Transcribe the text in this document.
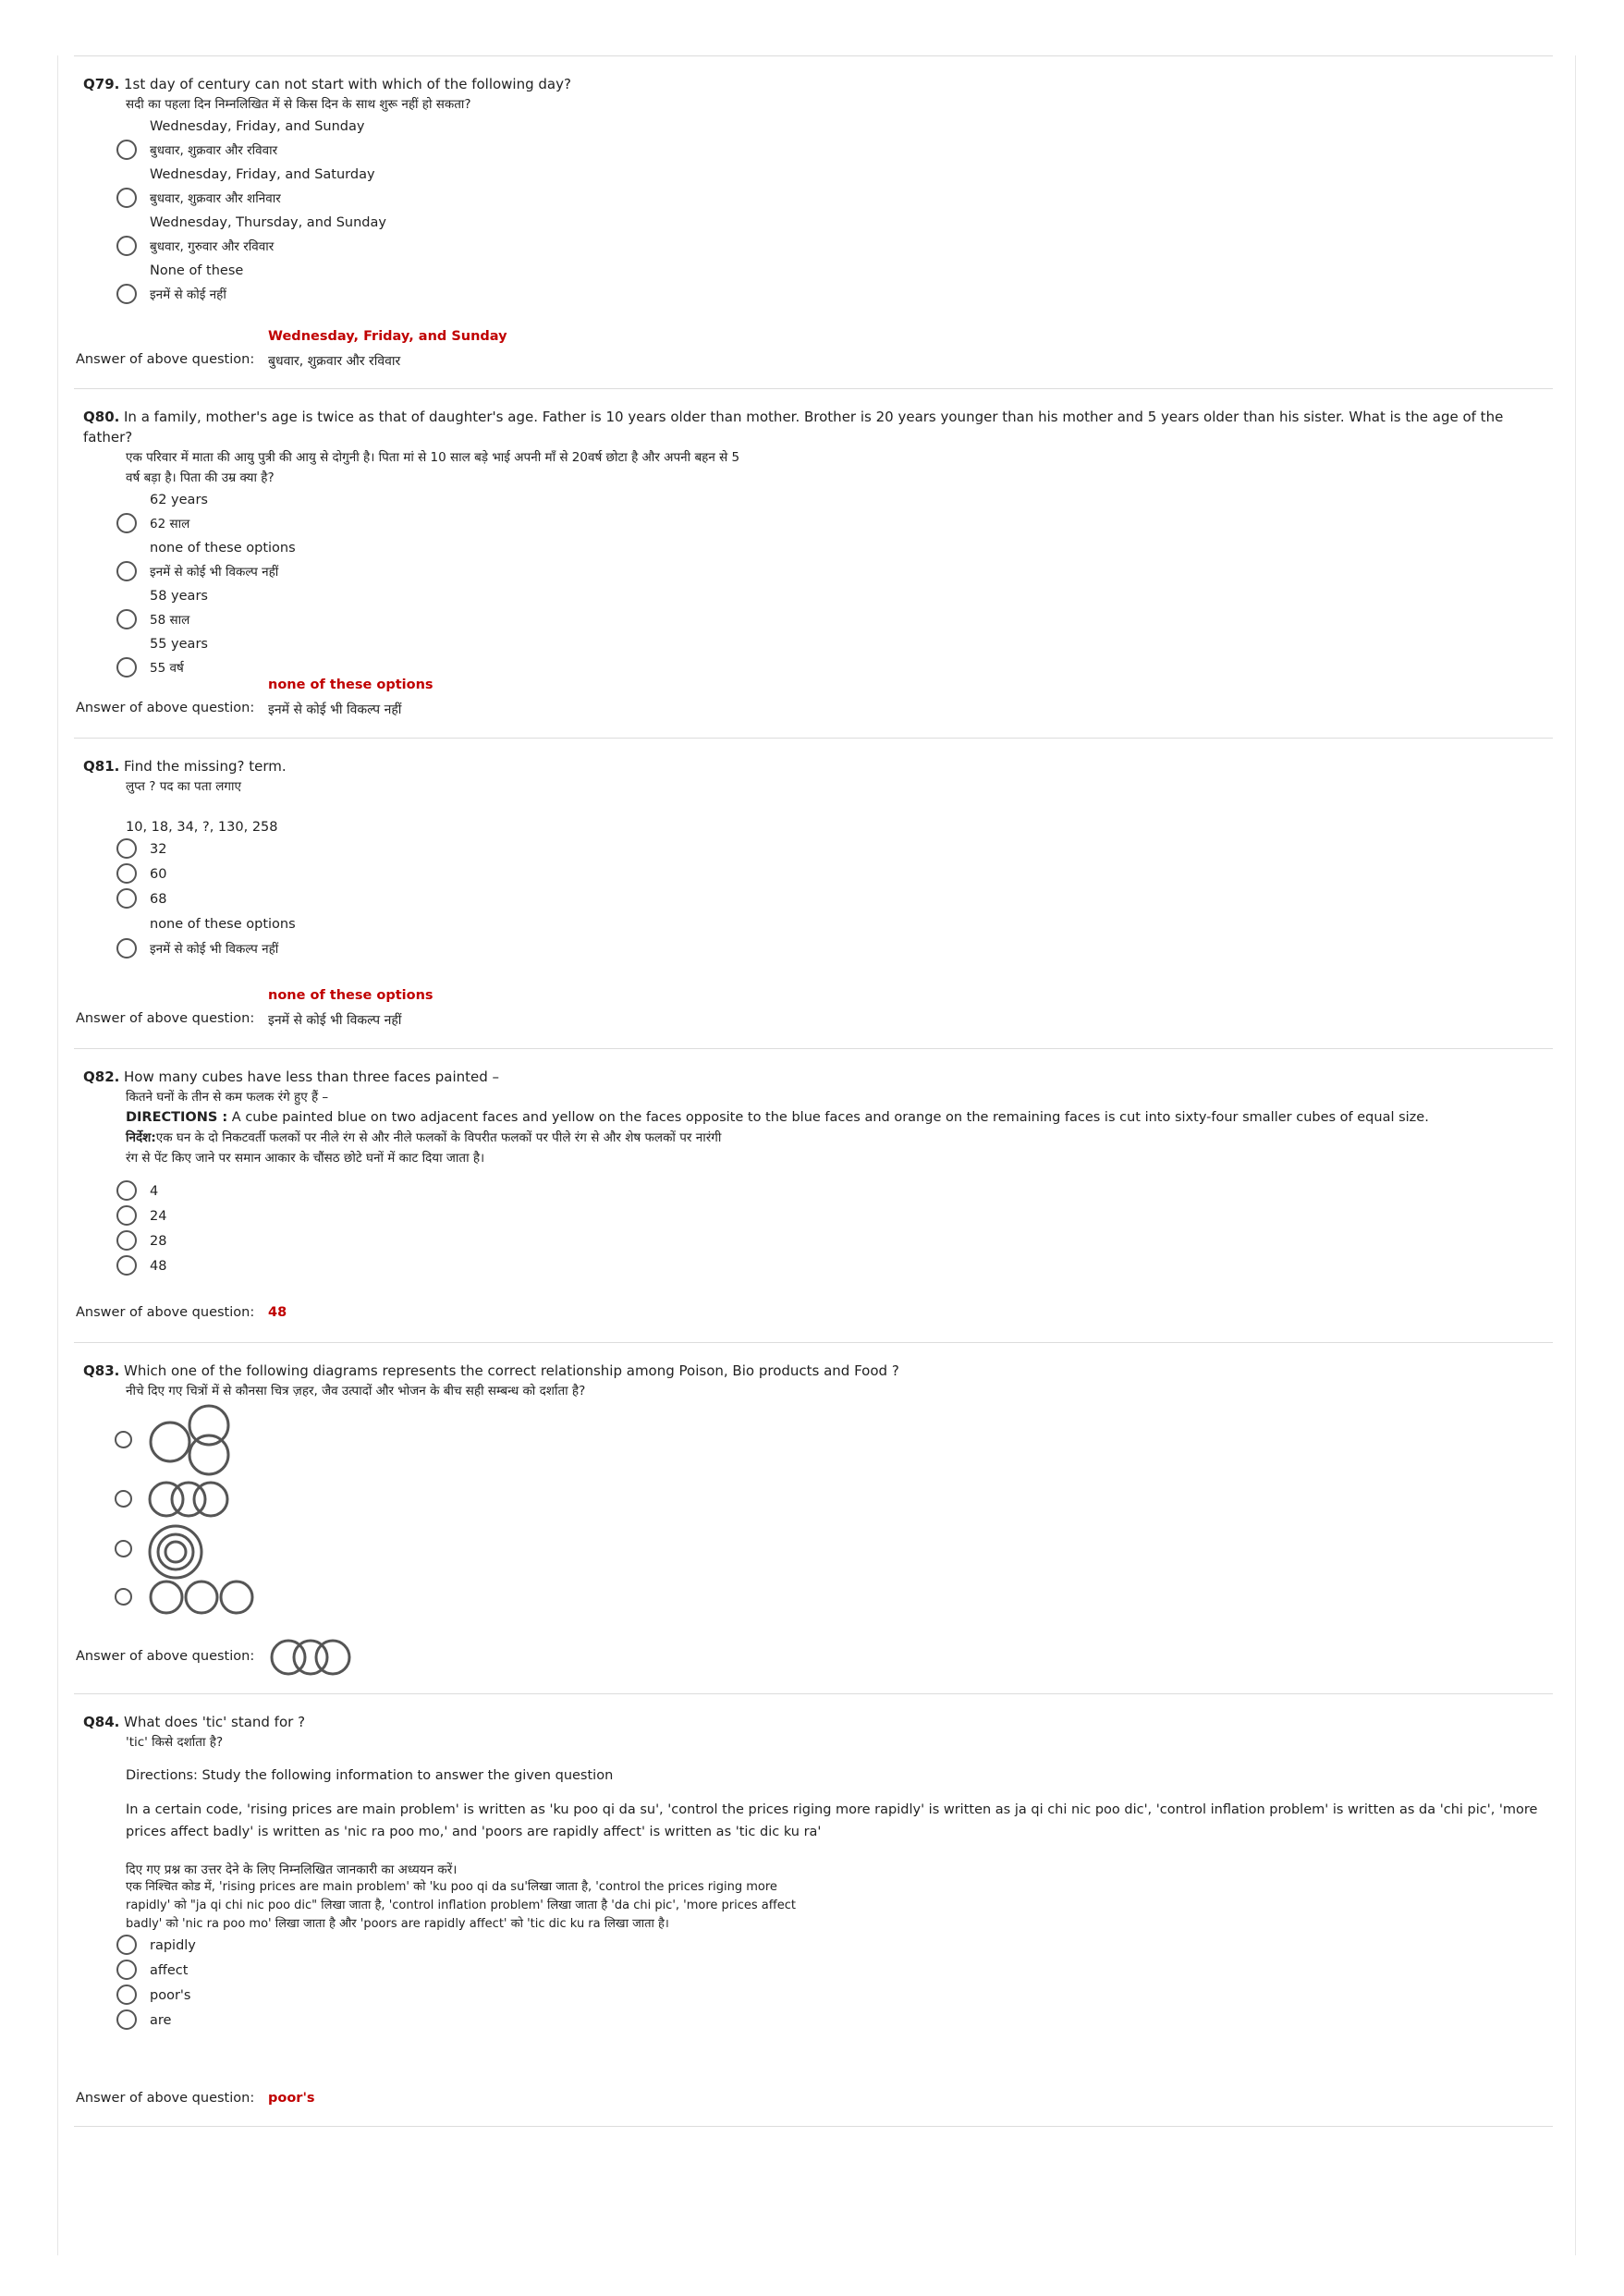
Q79. 1st day of century can not start with which of the following day?
सदी का पहला दिन निम्नलिखित में से किस दिन के साथ शुरू नहीं हो सकता?
Wednesday, Friday, and Sunday
बुधवार, शुक्रवार और रविवार
Wednesday, Friday, and Saturday
बुधवार, शुक्रवार और शनिवार
Wednesday, Thursday, and Sunday
बुधवार, गुरुवार और रविवार
None of these
इनमें से कोई नहीं
Wednesday, Friday, and Sunday
Answer of above question: बुधवार, शुक्रवार और रविवार
Q80. In a family, mother's age is twice as that of daughter's age. Father is 10 years older than mother. Brother is 20 years younger than his mother and 5 years older than his sister. What is the age of the father?
एक परिवार में माता की आयु पुत्री की आयु से दोगुनी है। पिता मां से 10 साल बड़े भाई अपनी माँ से 20वर्ष छोटा है और अपनी बहन से 5
वर्ष बड़ा है। पिता की उम्र क्या है?
62 years
62 साल
none of these options
इनमें से कोई भी विकल्प नहीं
58 years
58 साल
55 years
55 वर्ष
none of these options
Answer of above question: इनमें से कोई भी विकल्प नहीं
Q81. Find the missing? term.
लुप्त ? पद का पता लगाए
10, 18, 34, ?, 130, 258
32
60
68
none of these options
इनमें से कोई भी विकल्प नहीं
none of these options
Answer of above question: इनमें से कोई भी विकल्प नहीं
Q82. How many cubes have less than three faces painted –
कितने घनों के तीन से कम फलक रंगे हुए हैं –
DIRECTIONS : A cube painted blue on two adjacent faces and yellow on the faces opposite to the blue faces and orange on the remaining faces is cut into sixty-four smaller cubes of equal size.
निर्देश:एक घन के दो निकटवर्ती फलकों पर नीले रंग से और नीले फलकों के विपरीत फलकों पर पीले रंग से और शेष फलकों पर नारंगी
रंग से पेंट किए जाने पर समान आकार के चौंसठ छोटे घनों में काट दिया जाता है।
4
24
28
48
Answer of above question: 48
Q83. Which one of the following diagrams represents the correct relationship among Poison, Bio products and Food ?
नीचे दिए गए चित्रों में से कौनसा चित्र ज़हर, जैव उत्पादों और भोजन के बीच सही सम्बन्ध को दर्शाता है?
Answer of above question:
Q84. What does 'tic' stand for ?
'tic' किसे दर्शाता है?
Directions: Study the following information to answer the given question
In a certain code, 'rising prices are main problem' is written as 'ku poo qi da su', 'control the prices riging more rapidly' is written as ja qi chi nic poo dic', 'control inflation problem' is written as da 'chi pic', 'more prices affect badly' is written as 'nic ra poo mo,' and 'poors are rapidly affect' is written as 'tic dic ku ra'
दिए गए प्रश्न का उत्तर देने के लिए निम्नलिखित जानकारी का अध्ययन करें।
एक निश्चित कोड में, 'rising prices are main problem' को 'ku poo qi da su'लिखा जाता है, 'control the prices riging more
rapidly' को "ja qi chi nic poo dic" लिखा जाता है, 'control inflation problem' लिखा जाता है 'da chi pic', 'more prices affect
badly' को 'nic ra poo mo' लिखा जाता है और 'poors are rapidly affect' को 'tic dic ku ra लिखा जाता है।
rapidly
affect
poor's
are
Answer of above question: poor's
